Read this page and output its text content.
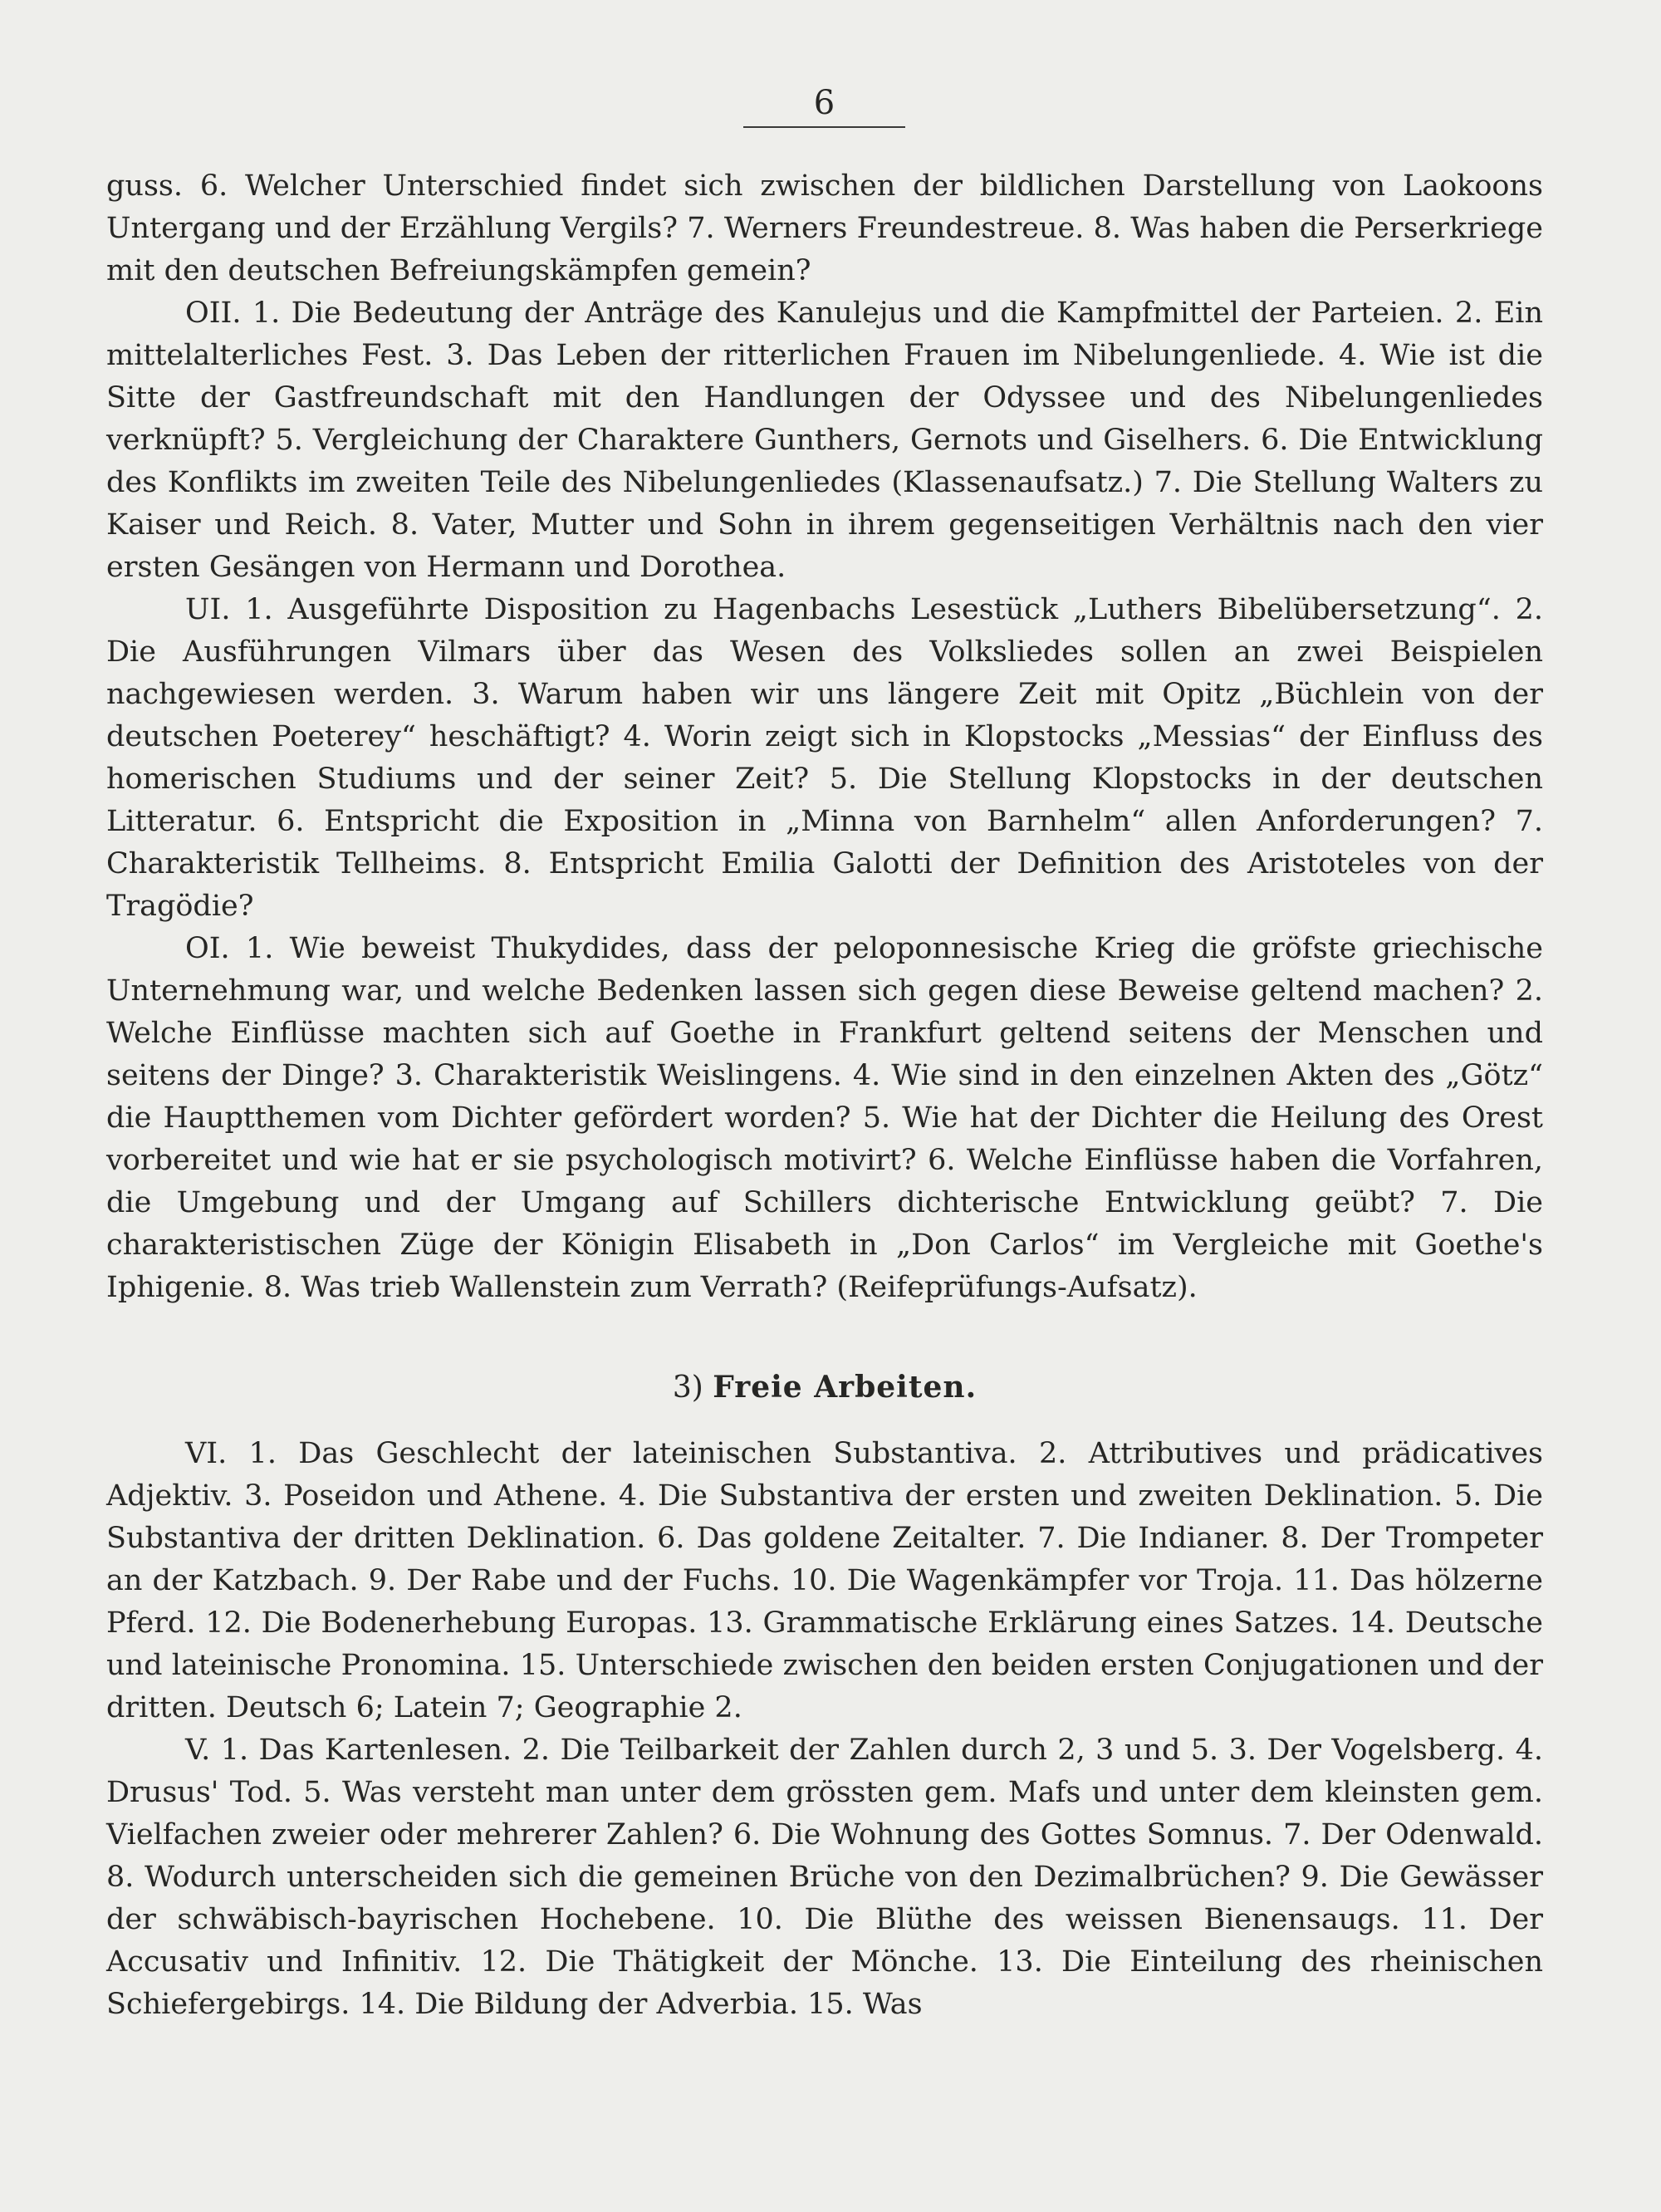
6

guss. 6. Welcher Unterschied findet sich zwischen der bildlichen Darstellung von Laokoons Untergang und der Erzählung Vergils? 7. Werners Freundestreue. 8. Was haben die Perserkriege mit den deutschen Befreiungskämpfen gemein?

OII. 1. Die Bedeutung der Anträge des Kanulejus und die Kampfmittel der Parteien. 2. Ein mittelalterliches Fest. 3. Das Leben der ritterlichen Frauen im Nibelungenliede. 4. Wie ist die Sitte der Gastfreundschaft mit den Handlungen der Odyssee und des Nibelungenliedes verknüpft? 5. Vergleichung der Charaktere Gunthers, Gernots und Giselhers. 6. Die Entwicklung des Konflikts im zweiten Teile des Nibelungenliedes (Klassenaufsatz.) 7. Die Stellung Walters zu Kaiser und Reich. 8. Vater, Mutter und Sohn in ihrem gegenseitigen Verhältnis nach den vier ersten Gesängen von Hermann und Dorothea.

UI. 1. Ausgeführte Disposition zu Hagenbachs Lesestück „Luthers Bibelübersetzung“. 2. Die Ausführungen Vilmars über das Wesen des Volksliedes sollen an zwei Beispielen nachgewiesen werden. 3. Warum haben wir uns längere Zeit mit Opitz „Büchlein von der deutschen Poeterey“ heschäftigt? 4. Worin zeigt sich in Klopstocks „Messias“ der Einfluss des homerischen Studiums und der seiner Zeit? 5. Die Stellung Klopstocks in der deutschen Litteratur. 6. Entspricht die Exposition in „Minna von Barnhelm“ allen Anforderungen? 7. Charakteristik Tellheims. 8. Entspricht Emilia Galotti der Definition des Aristoteles von der Tragödie?

OI. 1. Wie beweist Thukydides, dass der peloponnesische Krieg die gröfste griechische Unternehmung war, und welche Bedenken lassen sich gegen diese Beweise geltend machen? 2. Welche Einflüsse machten sich auf Goethe in Frankfurt geltend seitens der Menschen und seitens der Dinge? 3. Charakteristik Weislingens. 4. Wie sind in den einzelnen Akten des „Götz“ die Hauptthemen vom Dichter gefördert worden? 5. Wie hat der Dichter die Heilung des Orest vorbereitet und wie hat er sie psychologisch motivirt? 6. Welche Einflüsse haben die Vorfahren, die Umgebung und der Umgang auf Schillers dichterische Entwicklung geübt? 7. Die charakteristischen Züge der Königin Elisabeth in „Don Carlos“ im Vergleiche mit Goethe's Iphigenie. 8. Was trieb Wallenstein zum Verrath? (Reifeprüfungs-Aufsatz).

3) Freie Arbeiten.

VI. 1. Das Geschlecht der lateinischen Substantiva. 2. Attributives und prädicatives Adjektiv. 3. Poseidon und Athene. 4. Die Substantiva der ersten und zweiten Deklination. 5. Die Substantiva der dritten Deklination. 6. Das goldene Zeitalter. 7. Die Indianer. 8. Der Trompeter an der Katzbach. 9. Der Rabe und der Fuchs. 10. Die Wagenkämpfer vor Troja. 11. Das hölzerne Pferd. 12. Die Bodenerhebung Europas. 13. Grammatische Erklärung eines Satzes. 14. Deutsche und lateinische Pronomina. 15. Unterschiede zwischen den beiden ersten Conjugationen und der dritten. Deutsch 6; Latein 7; Geographie 2.

V. 1. Das Kartenlesen. 2. Die Teilbarkeit der Zahlen durch 2, 3 und 5. 3. Der Vogelsberg. 4. Drusus' Tod. 5. Was versteht man unter dem grössten gem. Mafs und unter dem kleinsten gem. Vielfachen zweier oder mehrerer Zahlen? 6. Die Wohnung des Gottes Somnus. 7. Der Odenwald. 8. Wodurch unterscheiden sich die gemeinen Brüche von den Dezimalbrüchen? 9. Die Gewässer der schwäbisch-bayrischen Hochebene. 10. Die Blüthe des weissen Bienensaugs. 11. Der Accusativ und Infinitiv. 12. Die Thätigkeit der Mönche. 13. Die Einteilung des rheinischen Schiefergebirgs. 14. Die Bildung der Adverbia. 15. Was
